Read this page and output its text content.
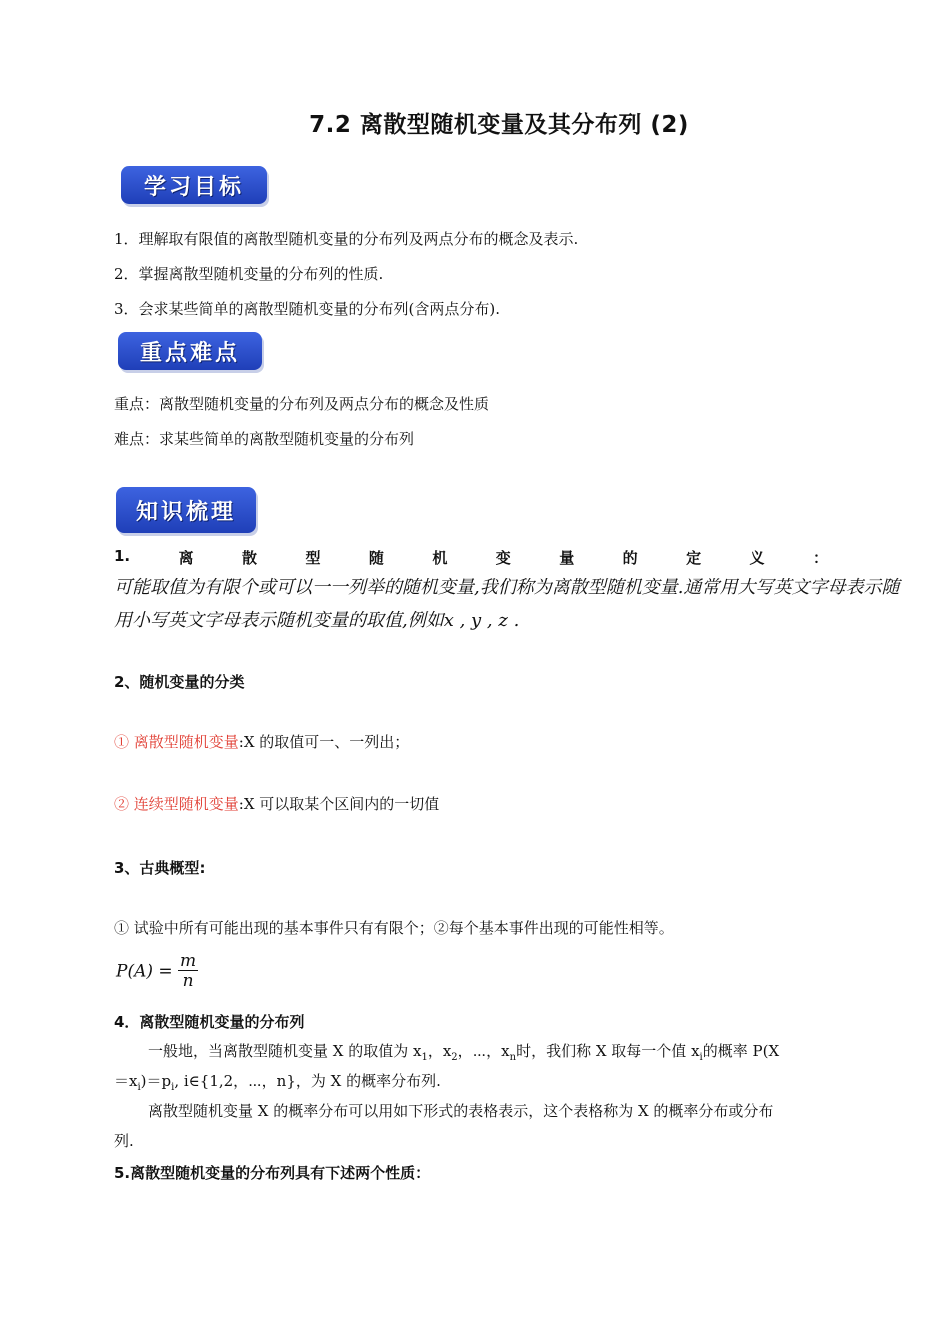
7.2 离散型随机变量及其分布列 (2)
学习目标
1．理解取有限值的离散型随机变量的分布列及两点分布的概念及表示.
2．掌握离散型随机变量的分布列的性质.
3．会求某些简单的离散型随机变量的分布列(含两点分布).
重点难点
重点：离散型随机变量的分布列及两点分布的概念及性质
难点：求某些简单的离散型随机变量的分布列
知识梳理
1.	离	散	型	随	机	变	量	的	定	义	：
可能取值为有限个或可以一一列举的随机变量,我们称为离散型随机变量.通常用大写英文字母表示随
用小写英文字母表示随机变量的取值,例如x , y , z .
2、随机变量的分类
① 离散型随机变量:X 的取值可一、一列出；
② 连续型随机变量:X 可以取某个区间内的一切值
3、古典概型:
① 试验中所有可能出现的基本事件只有有限个；②每个基本事件出现的可能性相等。
$P(A) = \frac{m}{n}$
4．离散型随机变量的分布列
一般地，当离散型随机变量 X 的取值为 $x_1$，$x_2$，⋯，$x_n$时，我们称 X 取每一个值 $x_i$的概率 P(X
$=x_i)=p_i$, i∈{1,2，⋯，n}，为 X 的概率分布列.
离散型随机变量 X 的概率分布可以用如下形式的表格表示，这个表格称为 X 的概率分布或分布
列.
5.离散型随机变量的分布列具有下述两个性质：
